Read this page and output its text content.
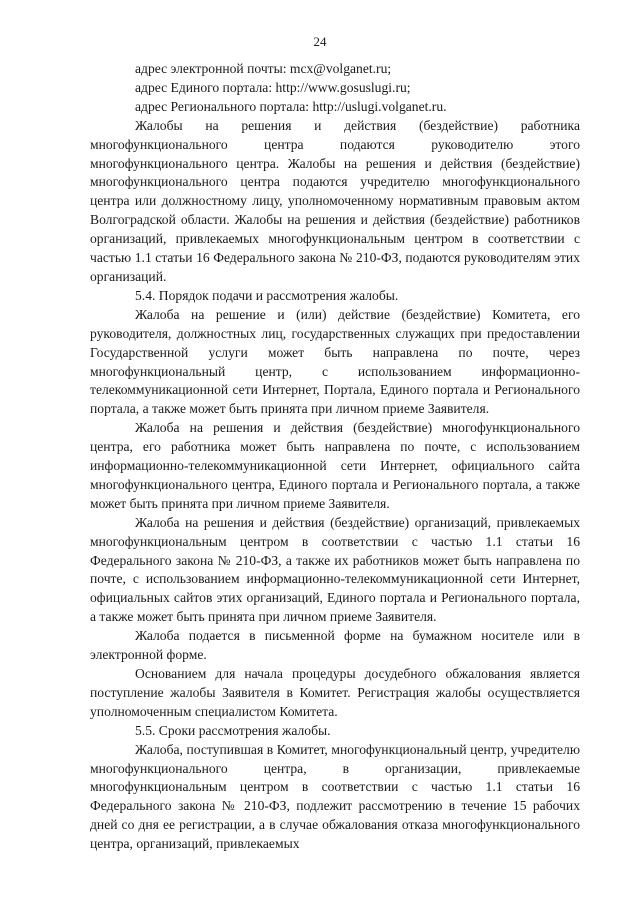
24

адрес электронной почты: mcx@volganet.ru;

адрес Единого портала: http://www.gosuslugi.ru;

адрес Регионального портала: http://uslugi.volganet.ru.

Жалобы на решения и действия (бездействие) работника многофункционального центра подаются руководителю этого многофункционального центра. Жалобы на решения и действия (бездействие) многофункционального центра подаются учредителю многофункционального центра или должностному лицу, уполномоченному нормативным правовым актом Волгоградской области. Жалобы на решения и действия (бездействие) работников организаций, привлекаемых многофункциональным центром в соответствии с частью 1.1 статьи 16 Федерального закона № 210-ФЗ, подаются руководителям этих организаций.

5.4. Порядок подачи и рассмотрения жалобы.

Жалоба на решение и (или) действие (бездействие) Комитета, его руководителя, должностных лиц, государственных служащих при предоставлении Государственной услуги может быть направлена по почте, через многофункциональный центр, с использованием информационно-телекоммуникационной сети Интернет, Портала, Единого портала и Регионального портала, а также может быть принята при личном приеме Заявителя.

Жалоба на решения и действия (бездействие) многофункционального центра, его работника может быть направлена по почте, с использованием информационно-телекоммуникационной сети Интернет, официального сайта многофункционального центра, Единого портала и Регионального портала, а также может быть принята при личном приеме Заявителя.

Жалоба на решения и действия (бездействие) организаций, привлекаемых многофункциональным центром в соответствии с частью 1.1 статьи 16 Федерального закона № 210-ФЗ, а также их работников может быть направлена по почте, с использованием информационно-телекоммуникационной сети Интернет, официальных сайтов этих организаций, Единого портала и Регионального портала, а также может быть принята при личном приеме Заявителя.

Жалоба подается в письменной форме на бумажном носителе или в электронной форме.

Основанием для начала процедуры досудебного обжалования является поступление жалобы Заявителя в Комитет. Регистрация жалобы осуществляется уполномоченным специалистом Комитета.

5.5. Сроки рассмотрения жалобы.

Жалоба, поступившая в Комитет, многофункциональный центр, учредителю многофункционального центра, в организации, привлекаемые многофункциональным центром в соответствии с частью 1.1 статьи 16 Федерального закона № 210-ФЗ, подлежит рассмотрению в течение 15 рабочих дней со дня ее регистрации, а в случае обжалования отказа многофункционального центра, организаций, привлекаемых
